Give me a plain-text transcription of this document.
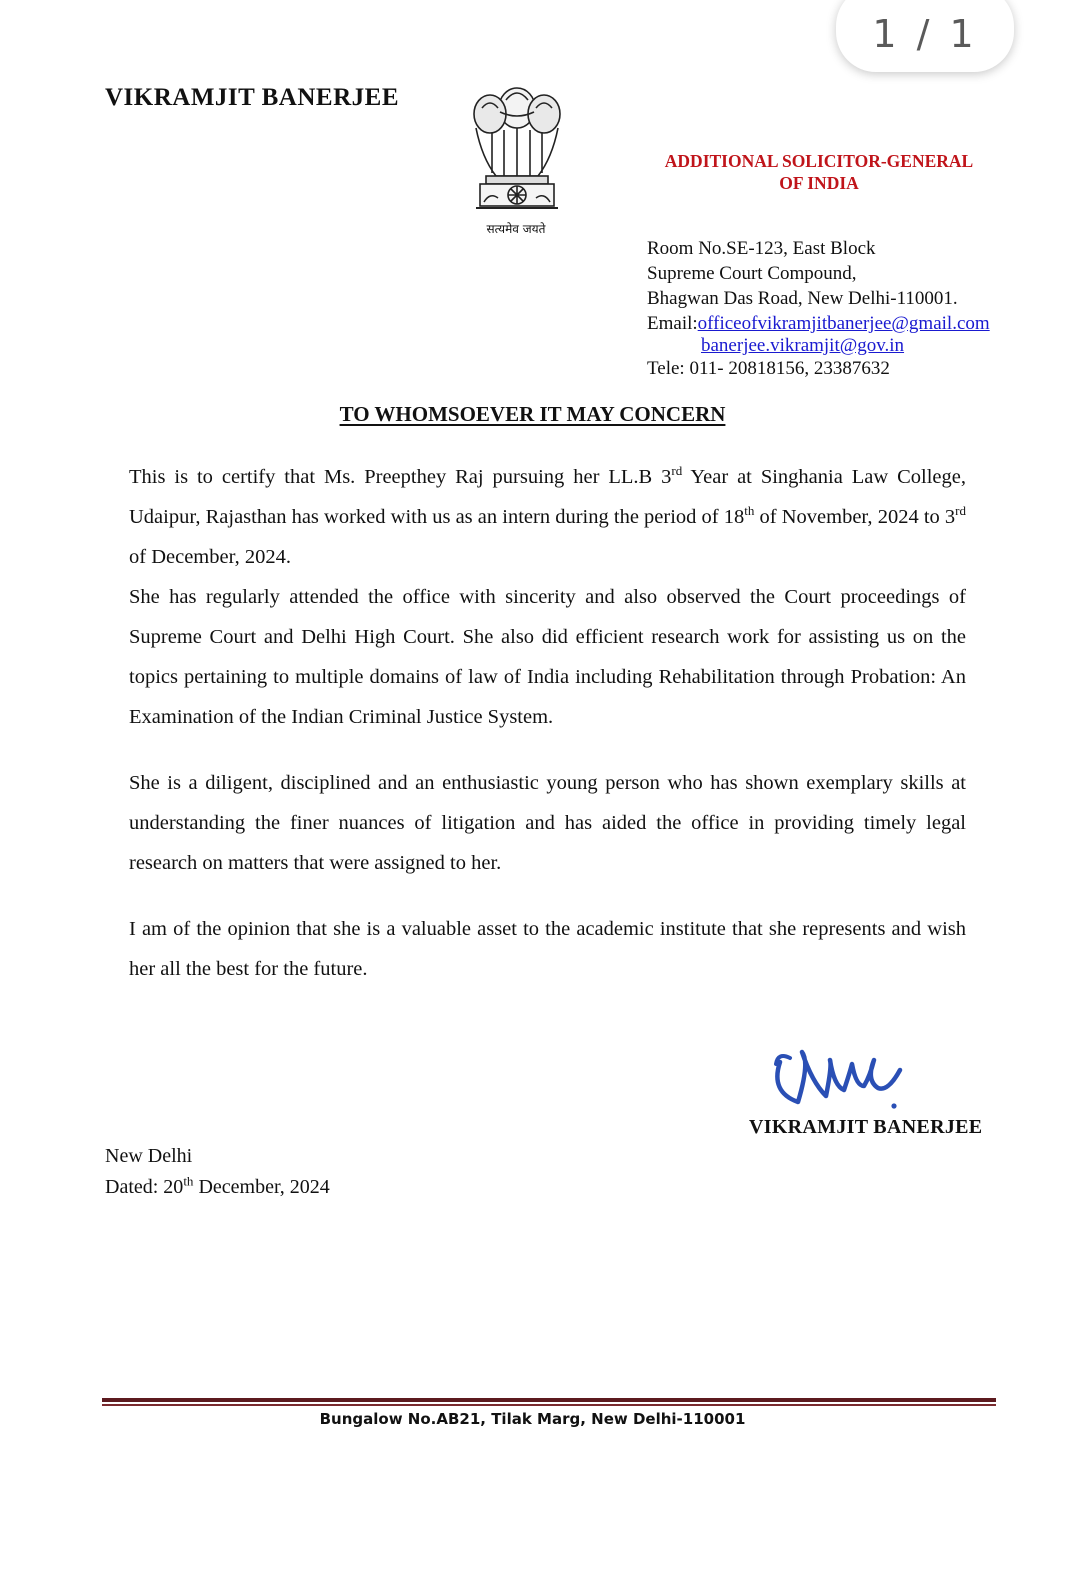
1 / 1
VIKRAMJIT BANERJEE
सत्यमेव जयते
ADDITIONAL SOLICITOR-GENERAL
OF INDIA
Room No.SE-123, East Block
Supreme Court Compound,
Bhagwan Das Road, New Delhi-110001.
Email:officeofvikramjitbanerjee@gmail.com
banerjee.vikramjit@gov.in
Tele: 011- 20818156, 23387632
TO WHOMSOEVER IT MAY CONCERN

This is to certify that Ms. Preepthey Raj pursuing her LL.B 3rd Year at Singhania Law College, Udaipur, Rajasthan has worked with us as an intern during the period of 18th of November, 2024 to 3rd of December, 2024.

She has regularly attended the office with sincerity and also observed the Court proceedings of Supreme Court and Delhi High Court. She also did efficient research work for assisting us on the topics pertaining to multiple domains of law of India including Rehabilitation through Probation: An Examination of the Indian Criminal Justice System.

She is a diligent, disciplined and an enthusiastic young person who has shown exemplary skills at understanding the finer nuances of litigation and has aided the office in providing timely legal research on matters that were assigned to her.

I am of the opinion that she is a valuable asset to the academic institute that she represents and wish her all the best for the future.

VIKRAMJIT BANERJEE
New Delhi
Dated: 20th December, 2024
Bungalow No.AB21, Tilak Marg, New Delhi-110001
